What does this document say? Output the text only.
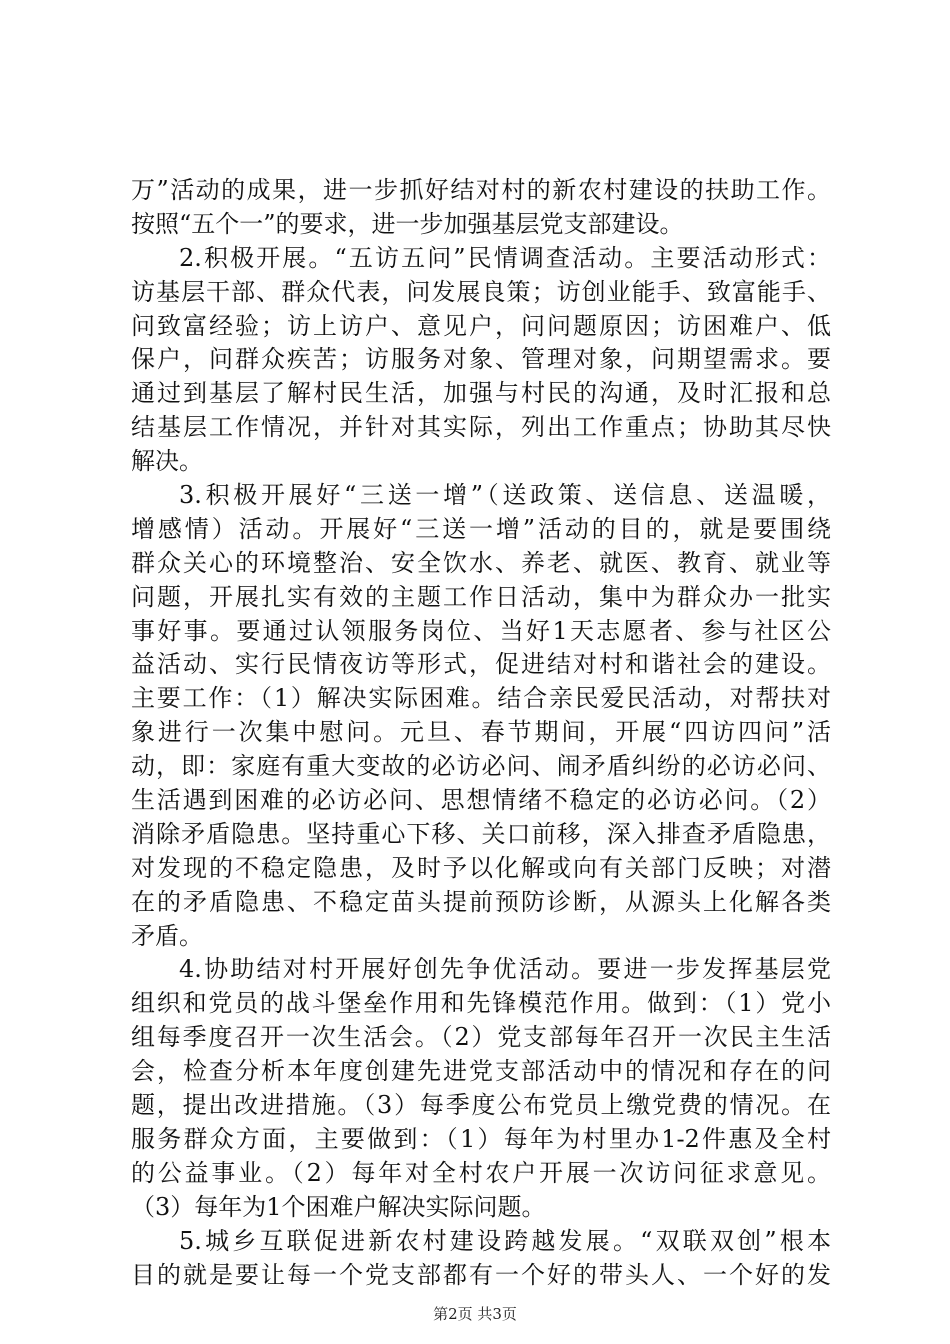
万”活动的成果，进一步抓好结对村的新农村建设的扶助工作。
按照“五个一”的要求，进一步加强基层党支部建设。
2.积极开展。“五访五问”民情调查活动。主要活动形式：
访基层干部、群众代表，问发展良策；访创业能手、致富能手、
问致富经验；访上访户、意见户，问问题原因；访困难户、低
保户，问群众疾苦；访服务对象、管理对象，问期望需求。要
通过到基层了解村民生活，加强与村民的沟通，及时汇报和总
结基层工作情况，并针对其实际，列出工作重点；协助其尽快
解决。
3.积极开展好“三送一增”（送政策、送信息、送温暖，
增感情）活动。开展好“三送一增”活动的目的，就是要围绕
群众关心的环境整治、安全饮水、养老、就医、教育、就业等
问题，开展扎实有效的主题工作日活动，集中为群众办一批实
事好事。要通过认领服务岗位、当好1天志愿者、参与社区公
益活动、实行民情夜访等形式，促进结对村和谐社会的建设。
主要工作：（1）解决实际困难。结合亲民爱民活动，对帮扶对
象进行一次集中慰问。元旦、春节期间，开展“四访四问”活
动，即：家庭有重大变故的必访必问、闹矛盾纠纷的必访必问、
生活遇到困难的必访必问、思想情绪不稳定的必访必问。（2）
消除矛盾隐患。坚持重心下移、关口前移，深入排查矛盾隐患，
对发现的不稳定隐患，及时予以化解或向有关部门反映；对潜
在的矛盾隐患、不稳定苗头提前预防诊断，从源头上化解各类
矛盾。
4.协助结对村开展好创先争优活动。要进一步发挥基层党
组织和党员的战斗堡垒作用和先锋模范作用。做到：（1）党小
组每季度召开一次生活会。（2）党支部每年召开一次民主生活
会，检查分析本年度创建先进党支部活动中的情况和存在的问
题，提出改进措施。（3）每季度公布党员上缴党费的情况。在
服务群众方面，主要做到：（1）每年为村里办1-2件惠及全村
的公益事业。（2）每年对全村农户开展一次访问征求意见。
（3）每年为1个困难户解决实际问题。
5.城乡互联促进新农村建设跨越发展。“双联双创”根本
目的就是要让每一个党支部都有一个好的带头人、一个好的发
第2页 共3页
